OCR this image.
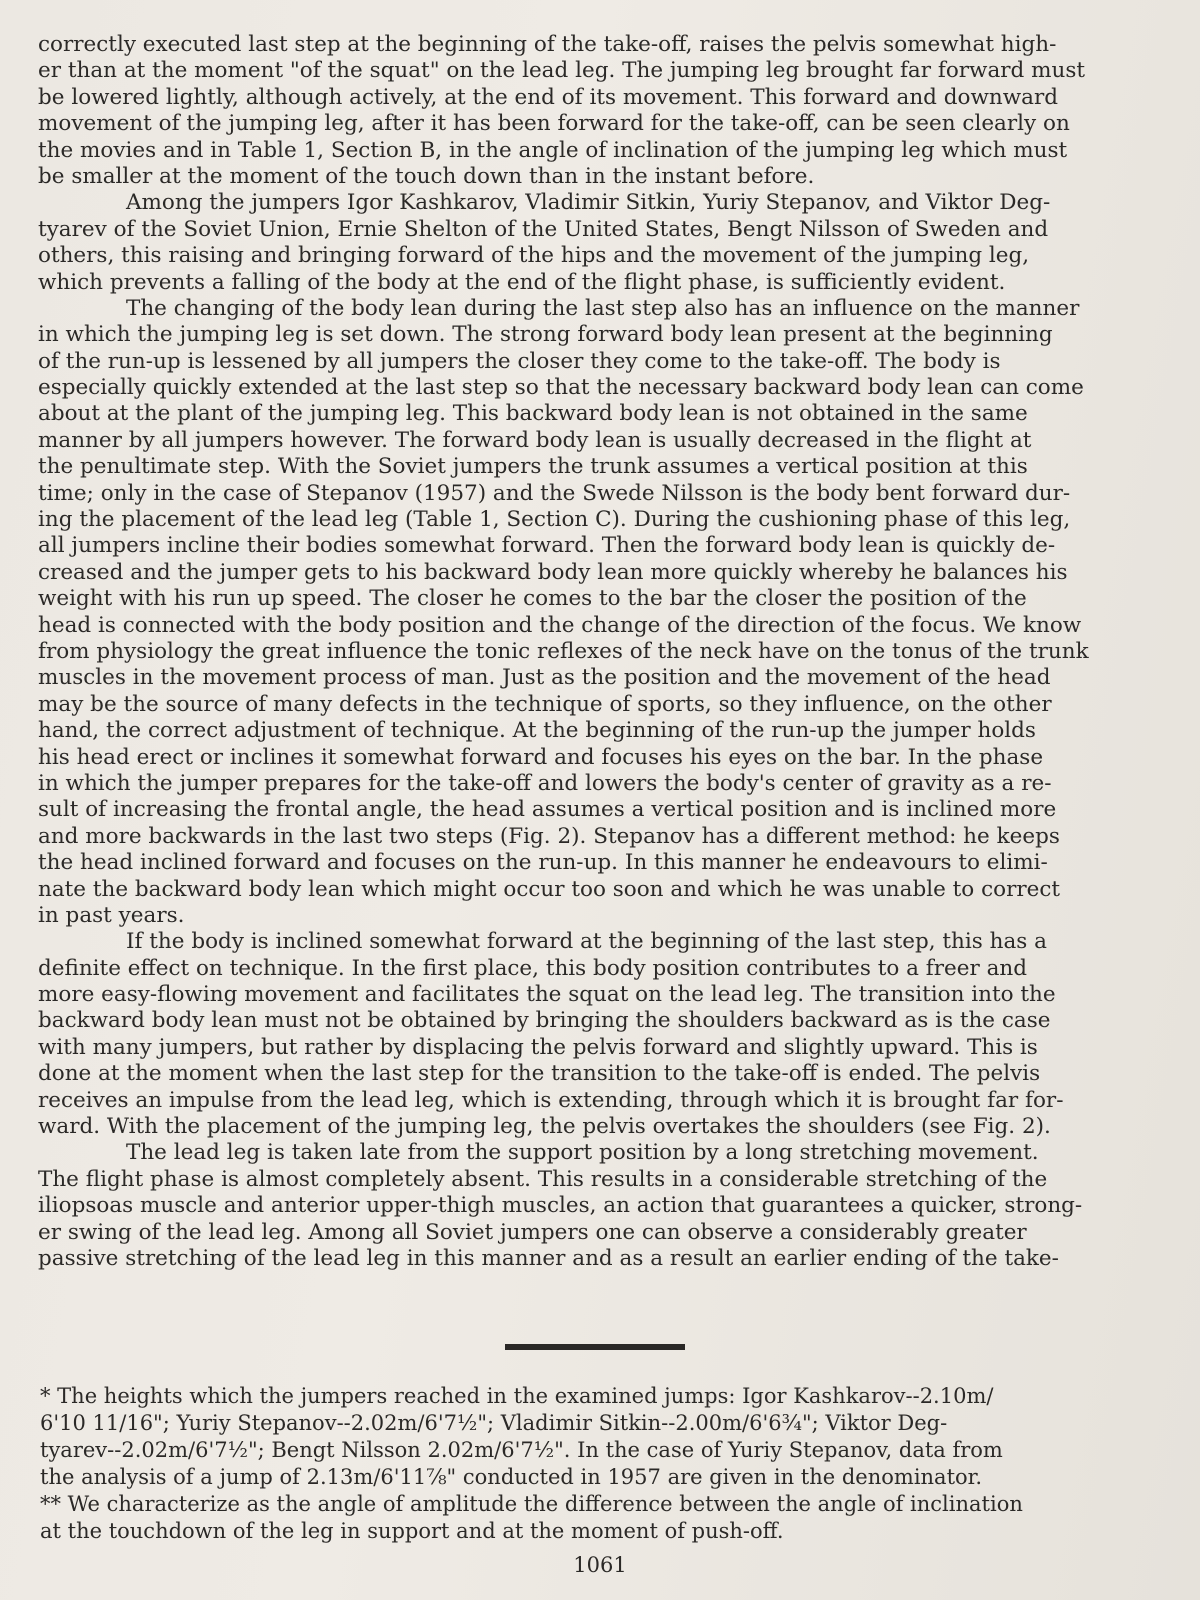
correctly executed last step at the beginning of the take-off, raises the pelvis somewhat high-
er than at the moment "of the squat" on the lead leg. The jumping leg brought far forward must
be lowered lightly, although actively, at the end of its movement. This forward and downward
movement of the jumping leg, after it has been forward for the take-off, can be seen clearly on
the movies and in Table 1, Section B, in the angle of inclination of the jumping leg which must
be smaller at the moment of the touch down than in the instant before.
Among the jumpers Igor Kashkarov, Vladimir Sitkin, Yuriy Stepanov, and Viktor Deg-
tyarev of the Soviet Union, Ernie Shelton of the United States, Bengt Nilsson of Sweden and
others, this raising and bringing forward of the hips and the movement of the jumping leg,
which prevents a falling of the body at the end of the flight phase, is sufficiently evident.
The changing of the body lean during the last step also has an influence on the manner
in which the jumping leg is set down. The strong forward body lean present at the beginning
of the run-up is lessened by all jumpers the closer they come to the take-off. The body is
especially quickly extended at the last step so that the necessary backward body lean can come
about at the plant of the jumping leg. This backward body lean is not obtained in the same
manner by all jumpers however. The forward body lean is usually decreased in the flight at
the penultimate step. With the Soviet jumpers the trunk assumes a vertical position at this
time; only in the case of Stepanov (1957) and the Swede Nilsson is the body bent forward dur-
ing the placement of the lead leg (Table 1, Section C). During the cushioning phase of this leg,
all jumpers incline their bodies somewhat forward. Then the forward body lean is quickly de-
creased and the jumper gets to his backward body lean more quickly whereby he balances his
weight with his run up speed. The closer he comes to the bar the closer the position of the
head is connected with the body position and the change of the direction of the focus. We know
from physiology the great influence the tonic reflexes of the neck have on the tonus of the trunk
muscles in the movement process of man. Just as the position and the movement of the head
may be the source of many defects in the technique of sports, so they influence, on the other
hand, the correct adjustment of technique. At the beginning of the run-up the jumper holds
his head erect or inclines it somewhat forward and focuses his eyes on the bar. In the phase
in which the jumper prepares for the take-off and lowers the body's center of gravity as a re-
sult of increasing the frontal angle, the head assumes a vertical position and is inclined more
and more backwards in the last two steps (Fig. 2). Stepanov has a different method: he keeps
the head inclined forward and focuses on the run-up. In this manner he endeavours to elimi-
nate the backward body lean which might occur too soon and which he was unable to correct
in past years.
If the body is inclined somewhat forward at the beginning of the last step, this has a
definite effect on technique. In the first place, this body position contributes to a freer and
more easy-flowing movement and facilitates the squat on the lead leg. The transition into the
backward body lean must not be obtained by bringing the shoulders backward as is the case
with many jumpers, but rather by displacing the pelvis forward and slightly upward. This is
done at the moment when the last step for the transition to the take-off is ended. The pelvis
receives an impulse from the lead leg, which is extending, through which it is brought far for-
ward. With the placement of the jumping leg, the pelvis overtakes the shoulders (see Fig. 2).
The lead leg is taken late from the support position by a long stretching movement.
The flight phase is almost completely absent. This results in a considerable stretching of the
iliopsoas muscle and anterior upper-thigh muscles, an action that guarantees a quicker, strong-
er swing of the lead leg. Among all Soviet jumpers one can observe a considerably greater
passive stretching of the lead leg in this manner and as a result an earlier ending of the take-
* The heights which the jumpers reached in the examined jumps: Igor Kashkarov--2.10m/
6'10 11/16"; Yuriy Stepanov--2.02m/6'7½"; Vladimir Sitkin--2.00m/6'6¾"; Viktor Deg-
tyarev--2.02m/6'7½"; Bengt Nilsson 2.02m/6'7½". In the case of Yuriy Stepanov, data from
the analysis of a jump of 2.13m/6'11⅞" conducted in 1957 are given in the denominator.
** We characterize as the angle of amplitude the difference between the angle of inclination
at the touchdown of the leg in support and at the moment of push-off.
1061
